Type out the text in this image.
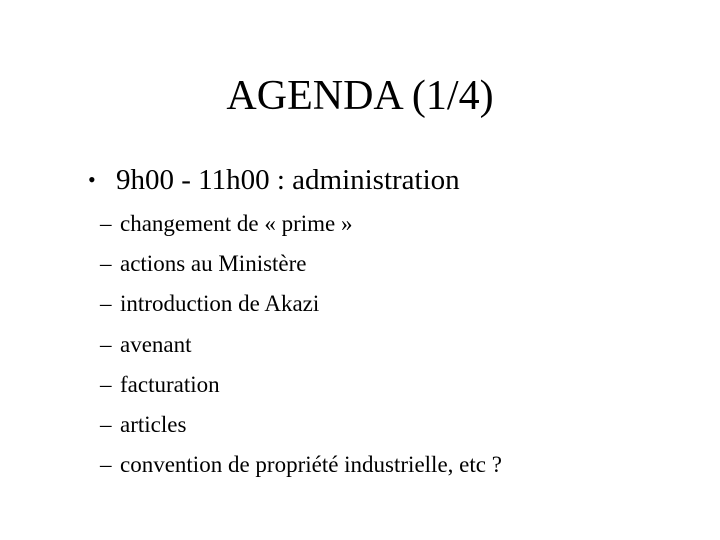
AGENDA (1/4)
• 9h00 - 11h00 : administration
– changement de « prime »
– actions au Ministère
– introduction de Akazi
– avenant
– facturation
– articles
– convention de propriété industrielle, etc ?
